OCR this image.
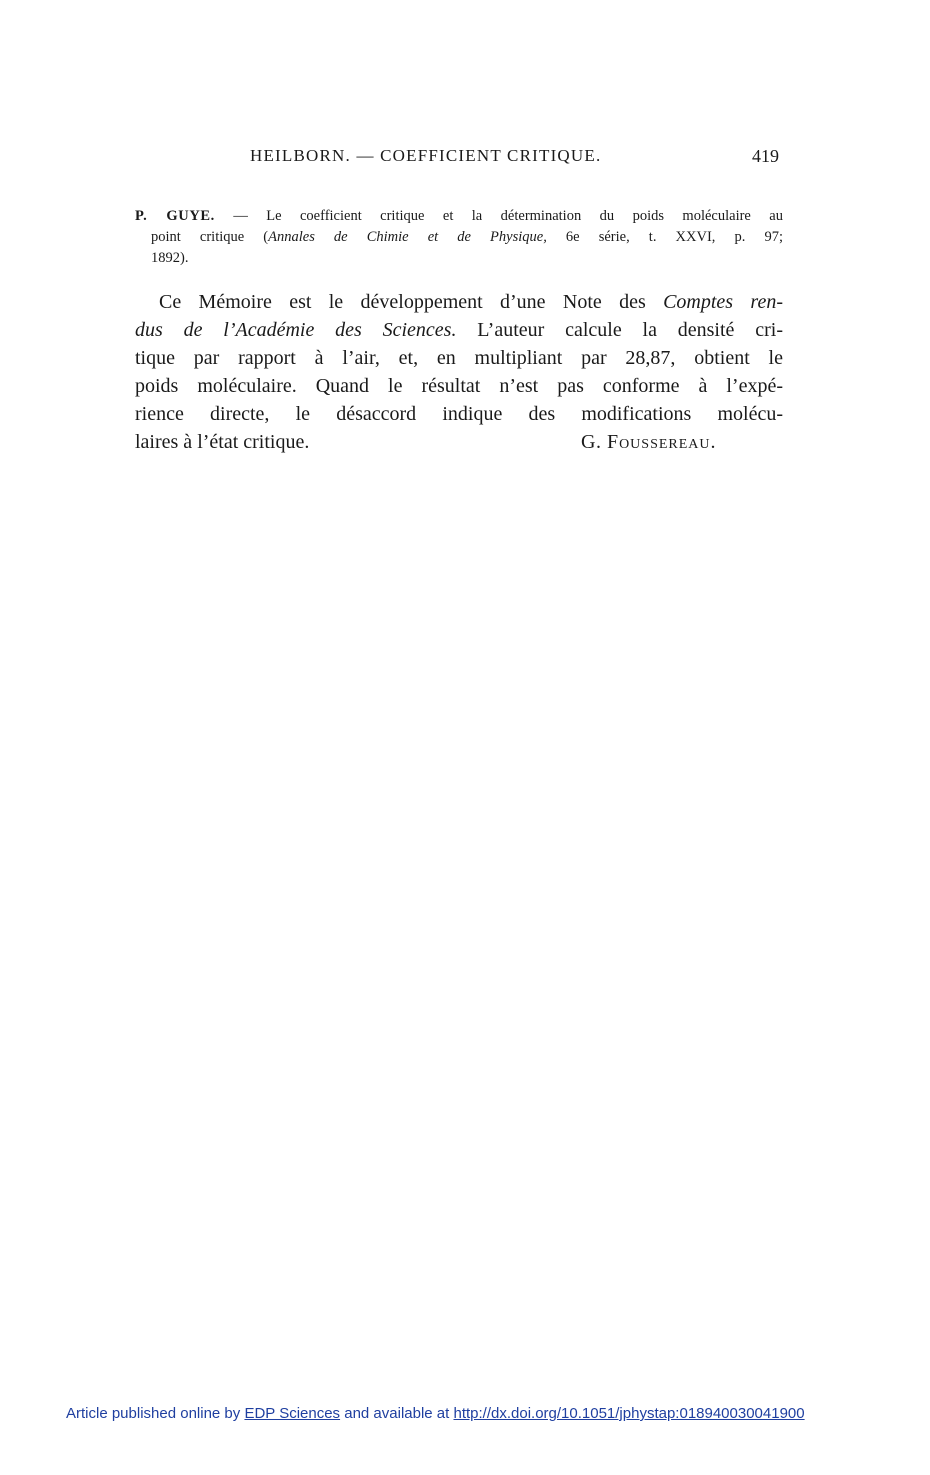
HEILBORN. — COEFFICIENT CRITIQUE.	419
P. GUYE. — Le coefficient critique et la détermination du poids moléculaire au
point critique (Annales de Chimie et de Physique, 6e série, t. XXVI, p. 97;
1892).
Ce Mémoire est le développement d’une Note des Comptes ren-
dus de l’Académie des Sciences. L’auteur calcule la densité cri-
tique par rapport à l’air, et, en multipliant par 28,87, obtient le
poids moléculaire. Quand le résultat n’est pas conforme à l’expé-
rience directe, le désaccord indique des modifications molécu-
laires à l’état critique.	G. Foussereau.
Article published online by EDP Sciences and available at http://dx.doi.org/10.1051/jphystap:018940030041900
